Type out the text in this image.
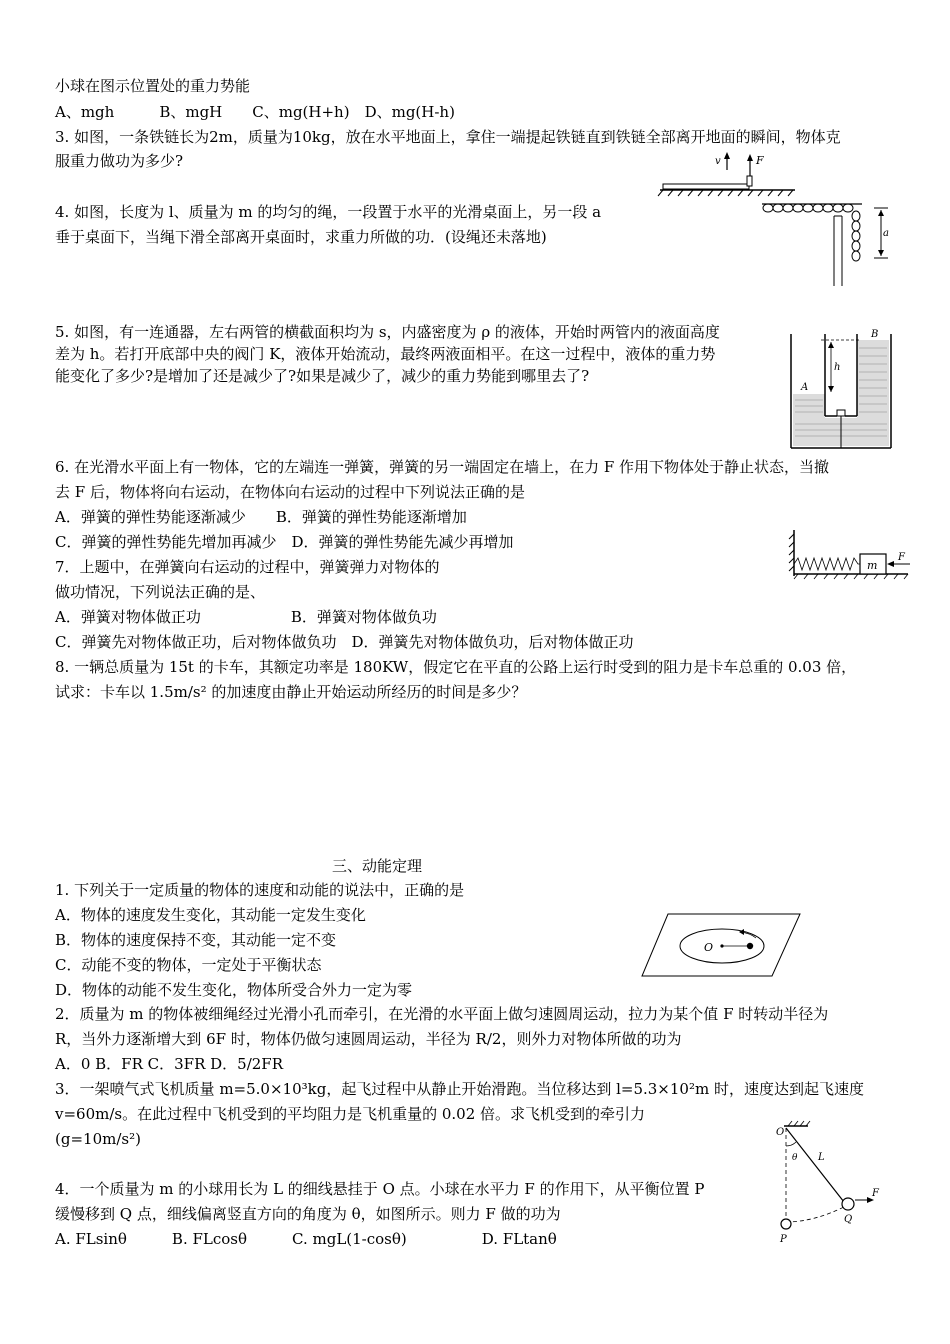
小球在图示位置处的重力势能
A、mgh　　　B、mgH　　C、mg(H+h)　D、mg(H-h)
3. 如图，一条铁链长为2m，质量为10kg，放在水平地面上，拿住一端提起铁链直到铁链全部离开地面的瞬间，物体克
服重力做功为多少?
4. 如图，长度为 l、质量为 m 的均匀的绳，一段置于水平的光滑桌面上，另一段 a
垂于桌面下，当绳下滑全部离开桌面时，求重力所做的功．(设绳还未落地)
5. 如图，有一连通器，左右两管的横截面积均为 s，内盛密度为 ρ 的液体，开始时两管内的液面高度
差为 h。若打开底部中央的阀门 K，液体开始流动，最终两液面相平。在这一过程中，液体的重力势
能变化了多少?是增加了还是减少了?如果是减少了，减少的重力势能到哪里去了?
6. 在光滑水平面上有一物体，它的左端连一弹簧，弹簧的另一端固定在墙上，在力 F 作用下物体处于静止状态，当撤
去 F 后，物体将向右运动，在物体向右运动的过程中下列说法正确的是
A．弹簧的弹性势能逐渐减少　　B．弹簧的弹性势能逐渐增加
C．弹簧的弹性势能先增加再减少　D．弹簧的弹性势能先减少再增加
7．上题中，在弹簧向右运动的过程中，弹簧弹力对物体的
做功情况，下列说法正确的是、
A．弹簧对物体做正功　　　　　　B．弹簧对物体做负功
C．弹簧先对物体做正功，后对物体做负功　D．弹簧先对物体做负功，后对物体做正功
8. 一辆总质量为 15t 的卡车，其额定功率是 180KW，假定它在平直的公路上运行时受到的阻力是卡车总重的 0.03 倍，
试求：卡车以 1.5m/s² 的加速度由静止开始运动所经历的时间是多少？
三、动能定理
1. 下列关于一定质量的物体的速度和动能的说法中，正确的是
A．物体的速度发生变化，其动能一定发生变化
B．物体的速度保持不变，其动能一定不变
C．动能不变的物体，一定处于平衡状态
D．物体的动能不发生变化，物体所受合外力一定为零
2．质量为 m 的物体被细绳经过光滑小孔而牵引，在光滑的水平面上做匀速圆周运动，拉力为某个值 F 时转动半径为
R，当外力逐渐增大到 6F 时，物体仍做匀速圆周运动，半径为 R/2，则外力对物体所做的功为
A．0 B．FR C．3FR D．5/2FR
3．一架喷气式飞机质量 m=5.0×10³kg，起飞过程中从静止开始滑跑。当位移达到 l=5.3×10²m 时，速度达到起飞速度
v=60m/s。在此过程中飞机受到的平均阻力是飞机重量的 0.02 倍。求飞机受到的牵引力
(g=10m/s²)
4．一个质量为 m 的小球用长为 L 的细线悬挂于 O 点。小球在水平力 F 的作用下，从平衡位置 P
缓慢移到 Q 点，细线偏离竖直方向的角度为 θ，如图所示。则力 F 做的功为
A. FLsinθ　　　B. FLcosθ　　　C. mgL(1-cosθ)　　　　　D. FLtanθ
F
v
a
h
A
B
m
F
O
O
θ L
F
Q
P
